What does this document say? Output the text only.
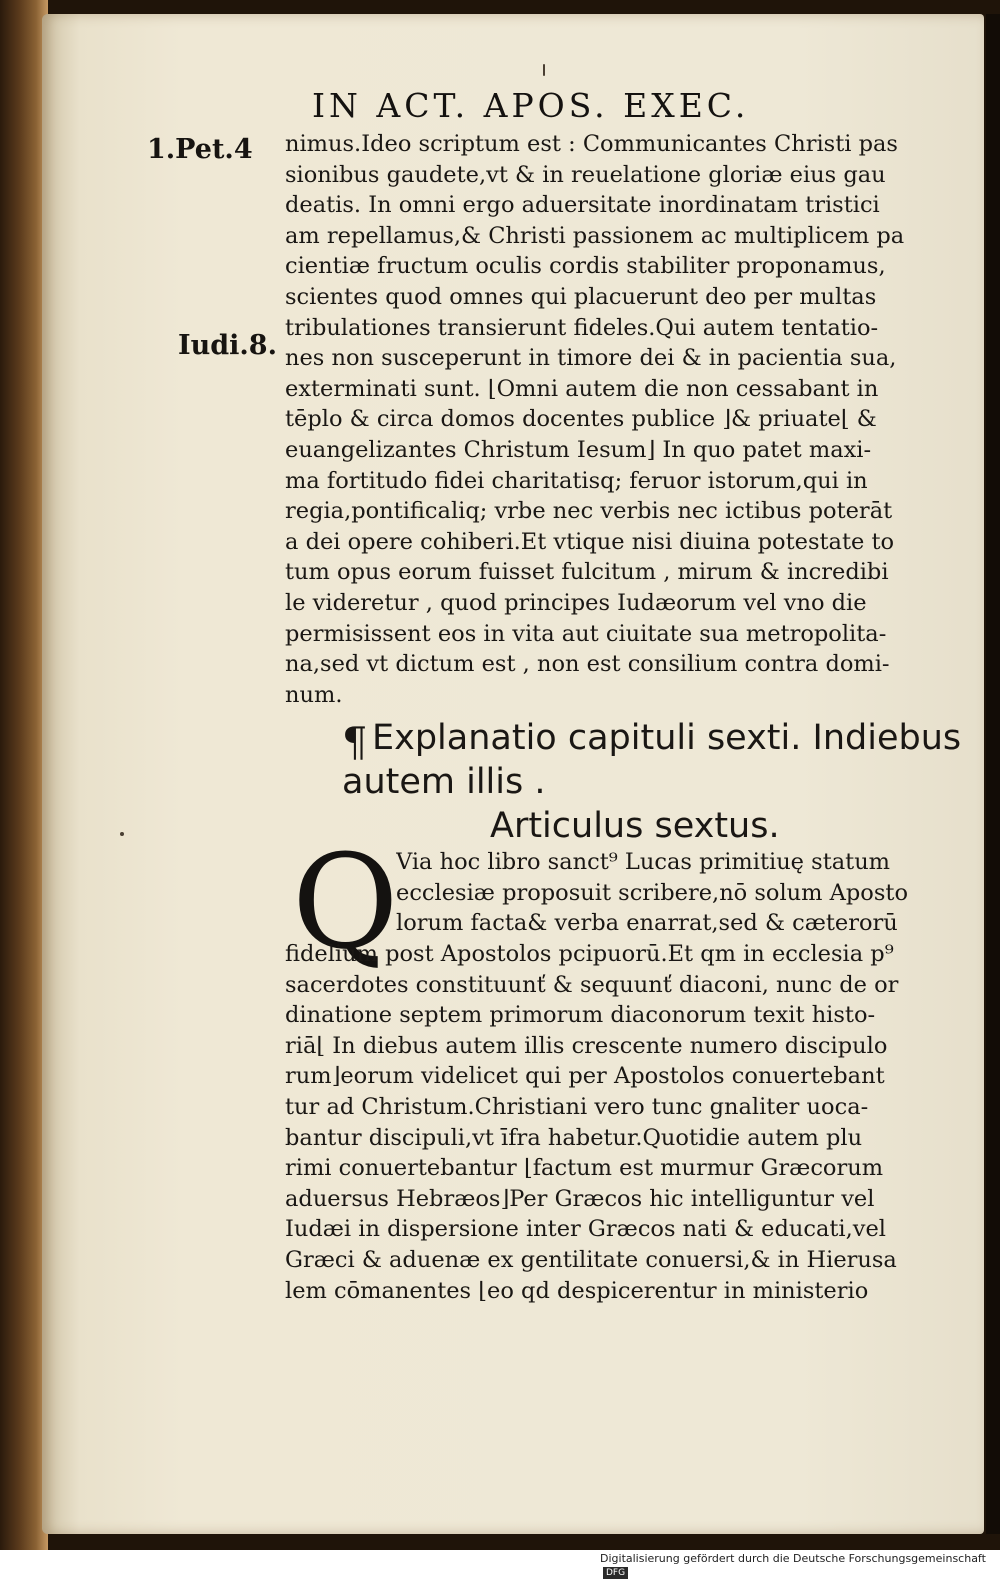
IN ACT. APOS. EXEC.
1.Pet.4
Iudi.8.
nimus.Ideo scriptum est : Communicantes Christi pas
sionibus gaudete,vt & in reuelatione gloriæ eius gau
deatis. In omni ergo aduersitate inordinatam tristici
am repellamus,& Christi passionem ac multiplicem pa
cientiæ fructum oculis cordis stabiliter proponamus,
scientes quod omnes qui placuerunt deo per multas
tribulationes transierunt fideles.Qui autem tentatio-
nes non susceperunt in timore dei & in pacientia sua,
exterminati sunt. ⌊Omni autem die non cessabant in
tēplo & circa domos docentes publice ⌋& priuate⌊ &
euangelizantes Christum Iesum⌋ In quo patet maxi-
ma fortitudo fidei charitatisq; feruor istorum,qui in
regia,pontificaliq; vrbe nec verbis nec ictibus poterāt
a dei opere cohiberi.Et vtique nisi diuina potestate to
tum opus eorum fuisset fulcitum , mirum & incredibi
le videretur , quod principes Iudæorum vel vno die
permisissent eos in vita aut ciuitate sua metropolita-
na,sed vt dictum est , non est consilium contra domi-
num.
¶ Explanatio capituli sexti. Indiebus
autem illis .
Articulus sextus.
Q
Via hoc libro sanct⁹ Lucas primitiuę statum
ecclesiæ proposuit scribere,nō solum Aposto
lorum facta& verba enarrat,sed & cæterorū
fidelium post Apostolos pcipuorū.Et qm in ecclesia p⁹
sacerdotes constituunť & sequunť diaconi, nunc de or
dinatione septem primorum diaconorum texit histo-
riā⌊ In diebus autem illis crescente numero discipulo
rum⌋eorum videlicet qui per Apostolos conuertebant
tur ad Christum.Christiani vero tunc gnaliter uoca-
bantur discipuli,vt īfra habetur.Quotidie autem plu
rimi conuertebantur ⌊factum est murmur Græcorum
aduersus Hebræos⌋Per Græcos hic intelliguntur vel
Iudæi in dispersione inter Græcos nati & educati,vel
Græci & aduenæ ex gentilitate conuersi,& in Hierusa
lem cōmanentes ⌊eo qd despicerentur in ministerio
Digitalisierung gefördert durch die Deutsche ForschungsgemeinschaftDFG
